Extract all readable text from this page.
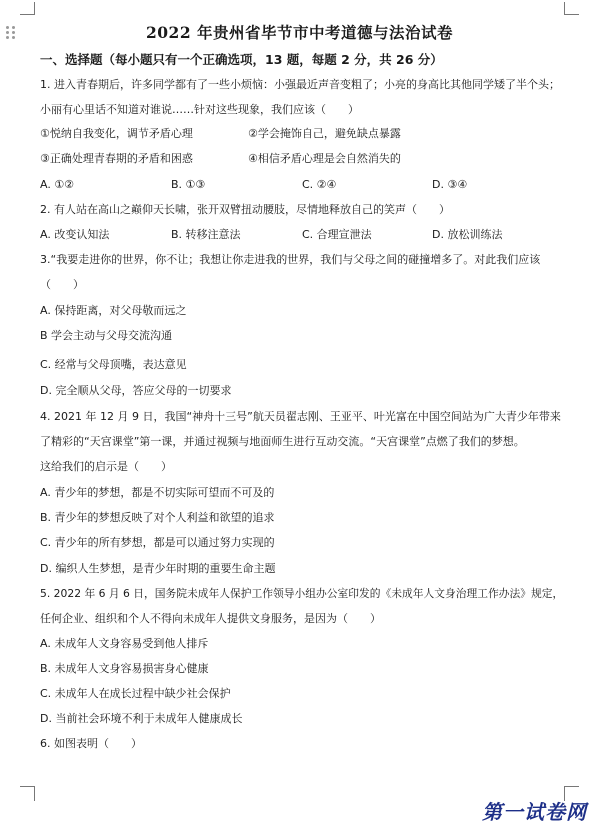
2022 年贵州省毕节市中考道德与法治试卷
一、选择题（每小题只有一个正确选项，13 题，每题 2 分，共 26 分）
1. 进入青春期后，许多同学都有了一些小烦恼：小强最近声音变粗了；小亮的身高比其他同学矮了半个头；
小丽有心里话不知道对谁说……针对这些现象，我们应该（　　）
①悦纳自我变化，调节矛盾心理	②学会掩饰自己，避免缺点暴露
③正确处理青春期的矛盾和困惑	④相信矛盾心理是会自然消失的
A. ①②	B. ①③	C. ②④	D. ③④
2. 有人站在高山之巅仰天长啸，张开双臂扭动腰肢，尽情地释放自己的笑声（　　）
A. 改变认知法	B. 转移注意法	C. 合理宣泄法	D. 放松训练法
3.“我要走进你的世界，你不让；我想让你走进我的世界，我们与父母之间的碰撞增多了。对此我们应该
（　　）
A. 保持距离，对父母敬而远之
B 学会主动与父母交流沟通
C. 经常与父母顶嘴，表达意见
D. 完全顺从父母，答应父母的一切要求
4. 2021 年 12 月 9 日，我国“神舟十三号”航天员翟志刚、王亚平、叶光富在中国空间站为广大青少年带来
了精彩的“天宫课堂”第一课，并通过视频与地面师生进行互动交流。“天宫课堂”点燃了我们的梦想。
这给我们的启示是（　　）
A. 青少年的梦想，都是不切实际可望而不可及的
B. 青少年的梦想反映了对个人利益和欲望的追求
C. 青少年的所有梦想，都是可以通过努力实现的
D. 编织人生梦想，是青少年时期的重要生命主题
5. 2022 年 6 月 6 日，国务院未成年人保护工作领导小组办公室印发的《未成年人文身治理工作办法》规定，
任何企业、组织和个人不得向未成年人提供文身服务，是因为（　　）
A. 未成年人文身容易受到他人排斥
B. 未成年人文身容易损害身心健康
C. 未成年人在成长过程中缺少社会保护
D. 当前社会环境不利于未成年人健康成长
6. 如图表明（　　）
第一试卷网
